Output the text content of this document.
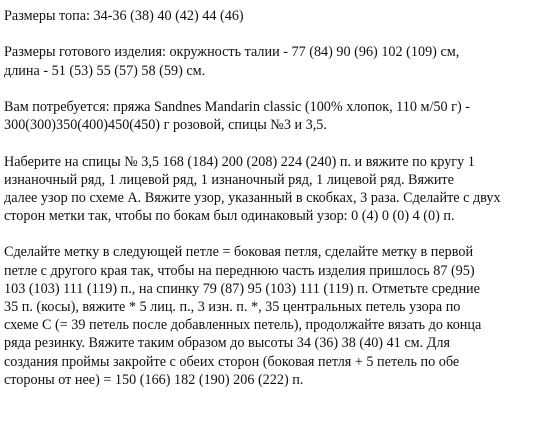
Размеры топа: 34-36 (38) 40 (42) 44 (46)
Размеры готового изделия: окружность талии - 77 (84) 90 (96) 102 (109) см,
длина - 51 (53) 55 (57) 58 (59) см.
Вам потребуется: пряжа Sandnes Mandarin classic (100% хлопок, 110 м/50 г) -
300(300)350(400)450(450) г розовой, спицы №3 и 3,5.
Наберите на спицы № 3,5 168 (184) 200 (208) 224 (240) п. и вяжите по кругу 1
изнаночный ряд, 1 лицевой ряд, 1 изнаночный ряд, 1 лицевой ряд. Вяжите
далее узор по схеме А. Вяжите узор, указанный в скобках, 3 раза. Сделайте с двух
сторон метки так, чтобы по бокам был одинаковый узор: 0 (4) 0 (0) 4 (0) п.
Сделайте метку в следующей петле = боковая петля, сделайте метку в первой
петле с другого края так, чтобы на переднюю часть изделия пришлось 87 (95)
103 (103) 111 (119) п., на спинку 79 (87) 95 (103) 111 (119) п. Отметьте средние
35 п. (косы), вяжите * 5 лиц. п., 3 изн. п. *, 35 центральных петель узора по
схеме С (= 39 петель после добавленных петель), продолжайте вязать до конца
ряда резинку. Вяжите таким образом до высоты 34 (36) 38 (40) 41 см. Для
создания проймы закройте с обеих сторон (боковая петля + 5 петель по обе
стороны от нее) = 150 (166) 182 (190) 206 (222) п.
